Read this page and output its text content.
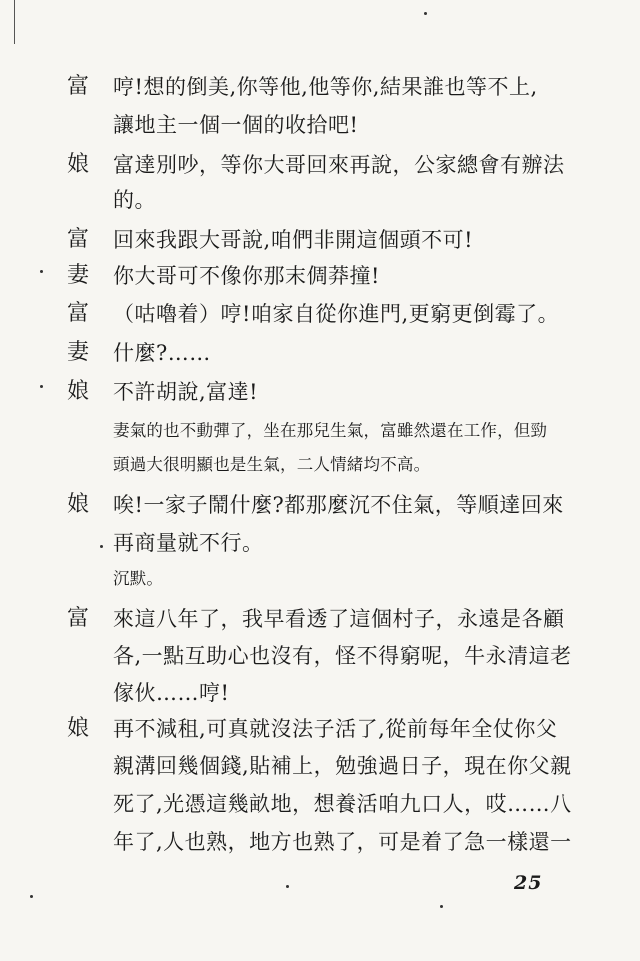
富	哼!想的倒美,你等他,他等你,結果誰也等不上,
讓地主一個一個的收拾吧!
娘	富達別吵，等你大哥回來再說，公家總會有辦法
的。
富	回來我跟大哥說,咱們非開這個頭不可!
妻	你大哥可不像你那末倜莽撞!
富	（咕嚕着）哼!咱家自從你進門,更窮更倒霉了。
妻	什麼?……
娘	不許胡說,富達!
妻氣的也不動彈了，坐在那兒生氣，富雖然還在工作，但勁
頭過大很明顯也是生氣，二人情緒均不高。
娘	唉!一家子鬧什麼?都那麼沉不住氣，等順達回來
再商量就不行。
沉默。
富	來這八年了，我早看透了這個村子，永遠是各顧
各,一點互助心也沒有，怪不得窮呢，牛永清這老
傢伙……哼!
娘	再不減租,可真就沒法子活了,從前每年全仗你父
親溝回幾個錢,貼補上，勉強過日子，現在你父親
死了,光憑這幾畝地，想養活咱九口人，哎……八
年了,人也熟，地方也熟了，可是着了急一樣還一
25
